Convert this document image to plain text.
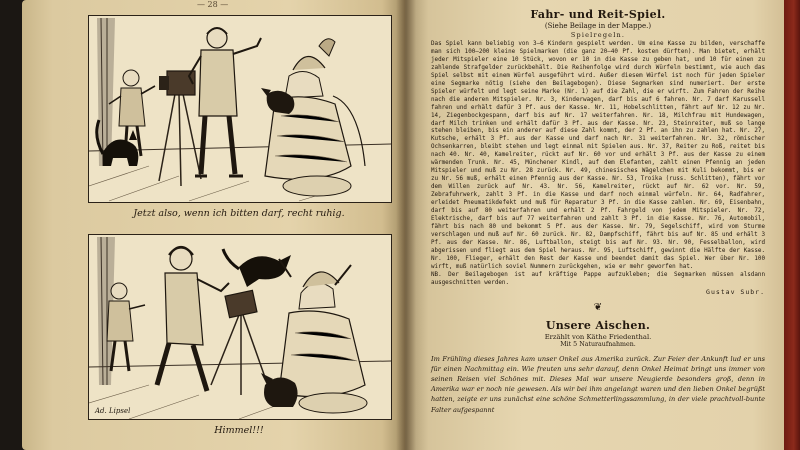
— 28 —
Jetzt also, wenn ich bitten darf, recht ruhig.
Ad. Lipsel
Himmel!!!

Fahr- und Reit-Spiel.

(Siehe Beilage in der Mappe.)

Spielregeln.

Das Spiel kann beliebig von 3—6 Kindern gespielt werden. Um eine Kasse zu bilden, verschaffe man sich 100—200 kleine Spielmarken (die ganz 20—40 Pf. kosten dürften). Man bietet, erhält jeder Mitspieler eine 10 Stück, wovon er 10 in die Kasse zu geben hat, und 10 für einen zu zahlende Strafgelder zurückbehält. Die Reihenfolge wird durch Würfeln bestimmt, wie auch das Spiel selbst mit einem Würfel ausgeführt wird. Außer diesem Würfel ist noch für jeden Spieler eine Segmarke nötig (siehe den Beilagebogen). Diese Segmarken sind numeriert. Der erste Spieler würfelt und legt seine Marke (Nr. 1) auf die Zahl, die er wirft. Zum Fahren der Reihe nach die anderen Mitspieler. Nr. 3, Kinderwagen, darf bis auf 6 fahren. Nr. 7 darf Karussell fahren und erhält dafür 3 Pf. aus der Kasse. Nr. 11, Hobelschlitten, fährt auf Nr. 12 zu Nr. 14, Ziegenbockgespann, darf bis auf Nr. 17 weiterfahren. Nr. 18, Milchfrau mit Hundewagen, darf Milch trinken und erhält dafür 3 Pf. aus der Kasse. Nr. 23, Steinreiter, muß so lange stehen bleiben, bis ein anderer auf diese Zahl kommt, der 2 Pf. an ihn zu zahlen hat. Nr. 27, Kutsche, erhält 3 Pf. aus der Kasse und darf nach Nr. 31 weiterfahren. Nr. 32, römischer Ochsenkarren, bleibt stehen und legt einmal mit Spielen aus. Nr. 37, Reiter zu Roß, reitet bis nach 40. Nr. 40, Kamelreiter, rückt auf Nr. 60 vor und erhält 3 Pf. aus der Kasse zu einem wärmenden Trunk. Nr. 45, Münchener Kindl, auf dem Elefanten, zahlt einen Pfennig an jeden Mitspieler und muß zu Nr. 28 zurück. Nr. 49, chinesisches Wägelchen mit Kuli bekommt, bis er zu Nr. 56 muß, erhält einen Pfennig aus der Kasse. Nr. 53, Troika (russ. Schlitten), fährt vor dem Willen zurück auf Nr. 43. Nr. 56, Kamelreiter, rückt auf Nr. 62 vor. Nr. 59, Zebrafuhrwerk, zahlt 3 Pf. in die Kasse und darf noch einmal würfeln. Nr. 64, Radfahrer, erleidet Pneumatikdefekt und muß für Reparatur 3 Pf. in die Kasse zahlen. Nr. 69, Eisenbahn, darf bis auf 80 weiterfahren und erhält 2 Pf. Fahrgeld von jedem Mitspieler. Nr. 72, Elektrische, darf bis auf 77 weiterfahren und zahlt 3 Pf. in die Kasse. Nr. 76, Automobil, fährt bis nach 80 und bekommt 5 Pf. aus der Kasse. Nr. 79, Segelschiff, wird vom Sturme verschlagen und muß auf Nr. 60 zurück. Nr. 82, Dampfschiff, fährt bis auf Nr. 85 und erhält 3 Pf. aus der Kasse. Nr. 86, Luftballon, steigt bis auf Nr. 93. Nr. 90, Fesselballon, wird abgerissen und fliegt aus dem Spiel heraus. Nr. 95, Luftschiff, gewinnt die Hälfte der Kasse. Nr. 100, Flieger, erhält den Rest der Kasse und beendet damit das Spiel. Wer über Nr. 100 wirft, muß natürlich soviel Nummern zurückgehen, wie er mehr geworfen hat.

NB. Der Beilagebogen ist auf kräftige Pappe aufzukleben; die Segmarken müssen alsdann ausgeschnitten werden.

Gustav Subr.

❦

Unsere Aischen.

Erzählt von Käthe Friedenthal.

Mit 5 Naturaufnahmen.

Im Frühling dieses Jahres kam unser Onkel aus Amerika zurück. Zur Feier der Ankunft lud er uns für einen Nachmittag ein. Wie freuten uns sehr darauf, denn Onkel Heimat bringt uns immer von seinen Reisen viel Schönes mit. Dieses Mal war unsere Neugierde besonders groß, denn in Amerika war er noch nie gewesen. Als wir bei ihm angelangt waren und den lieben Onkel begrüßt hatten, zeigte er uns zunächst eine schöne Schmetterlingssammlung, in der viele prachtvoll-bunte Falter aufgespannt
